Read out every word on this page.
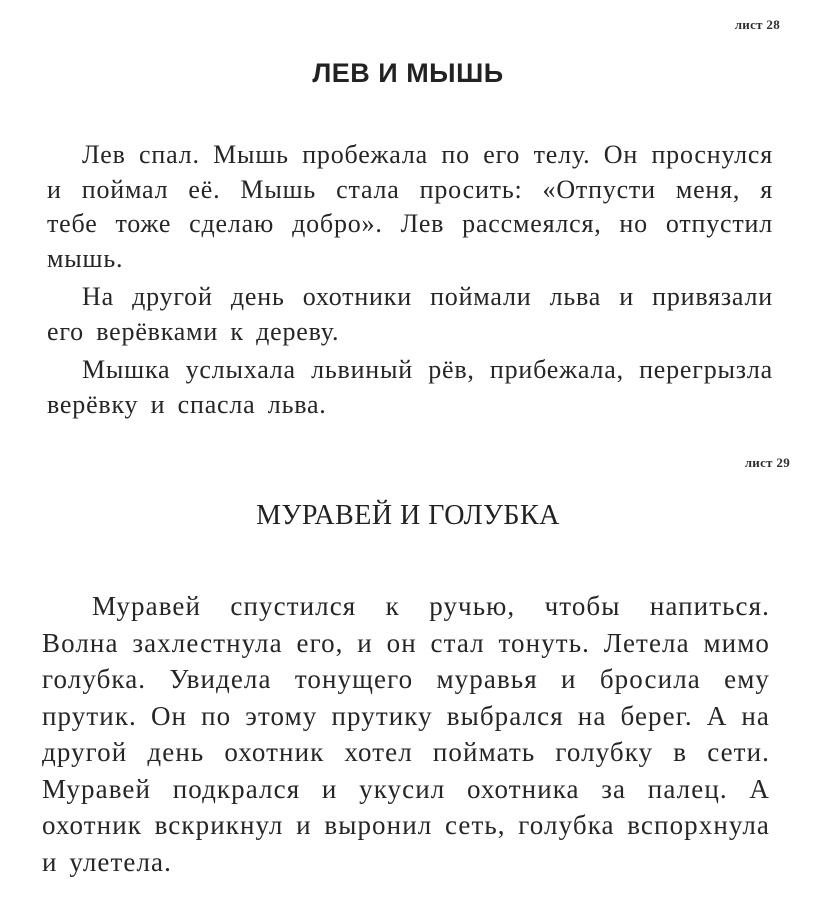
лист 28
ЛЕВ И МЫШЬ

Лев спал. Мышь пробежала по его телу. Он проснулся и поймал её. Мышь стала просить: «Отпусти меня, я тебе тоже сделаю добро». Лев рассмеялся, но отпустил мышь.

На другой день охотники поймали льва и привязали его верёвками к дереву.

Мышка услыхала львиный рёв, прибежала, перегрызла верёвку и спасла льва.

лист 29
МУРАВЕЙ И ГОЛУБКА

Муравей спустился к ручью, чтобы напиться. Волна захлестнула его, и он стал тонуть. Летела мимо голубка. Увидела тонущего муравья и бросила ему прутик. Он по этому прутику выбрался на берег. А на другой день охотник хотел поймать голубку в сети. Муравей подкрался и укусил охотника за палец. А охотник вскрикнул и выронил сеть, голубка вспорхнула и улетела.
